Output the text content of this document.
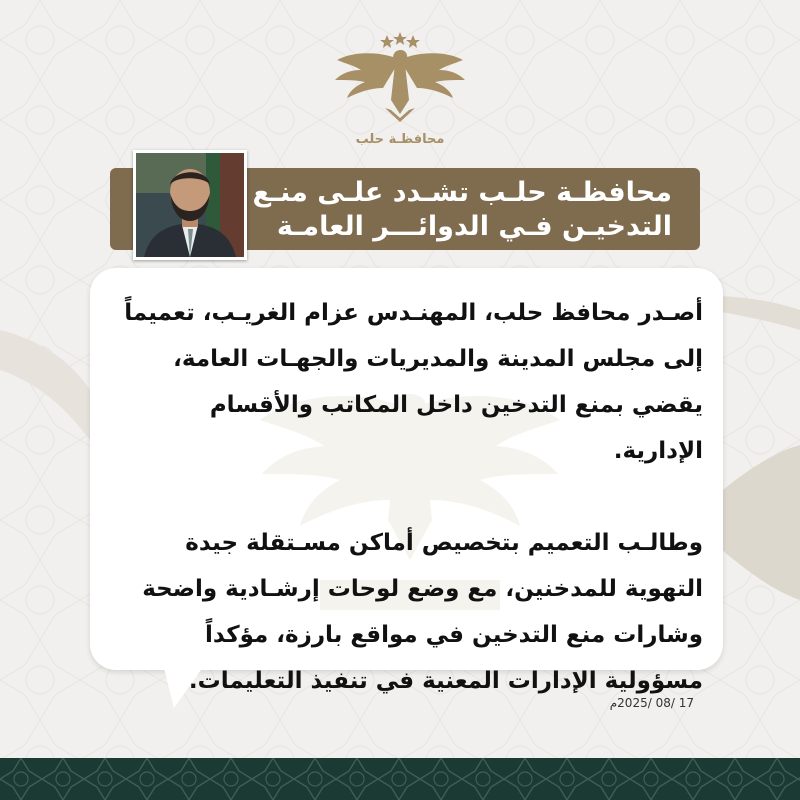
محافظـة حلب
محافظـة حلـب تشـدد علـى منـع
التدخيـن فـي الدوائـــر العامـة

أصـدر محافظ حلب، المهنـدس عزام الغريـب، تعميماً إلى مجلس المدينة والمديريات والجهـات العامة، يقضي بمنع التدخين داخل المكاتب والأقسام الإدارية.

وطالـب التعميم بتخصيص أماكن مسـتقلة جيدة التهوية للمدخنين، مع وضع لوحات إرشـادية واضحة وشارات منع التدخين في مواقع بارزة، مؤكداً مسؤولية الإدارات المعنية في تنفيذ التعليمات.

17 /08 /2025م
